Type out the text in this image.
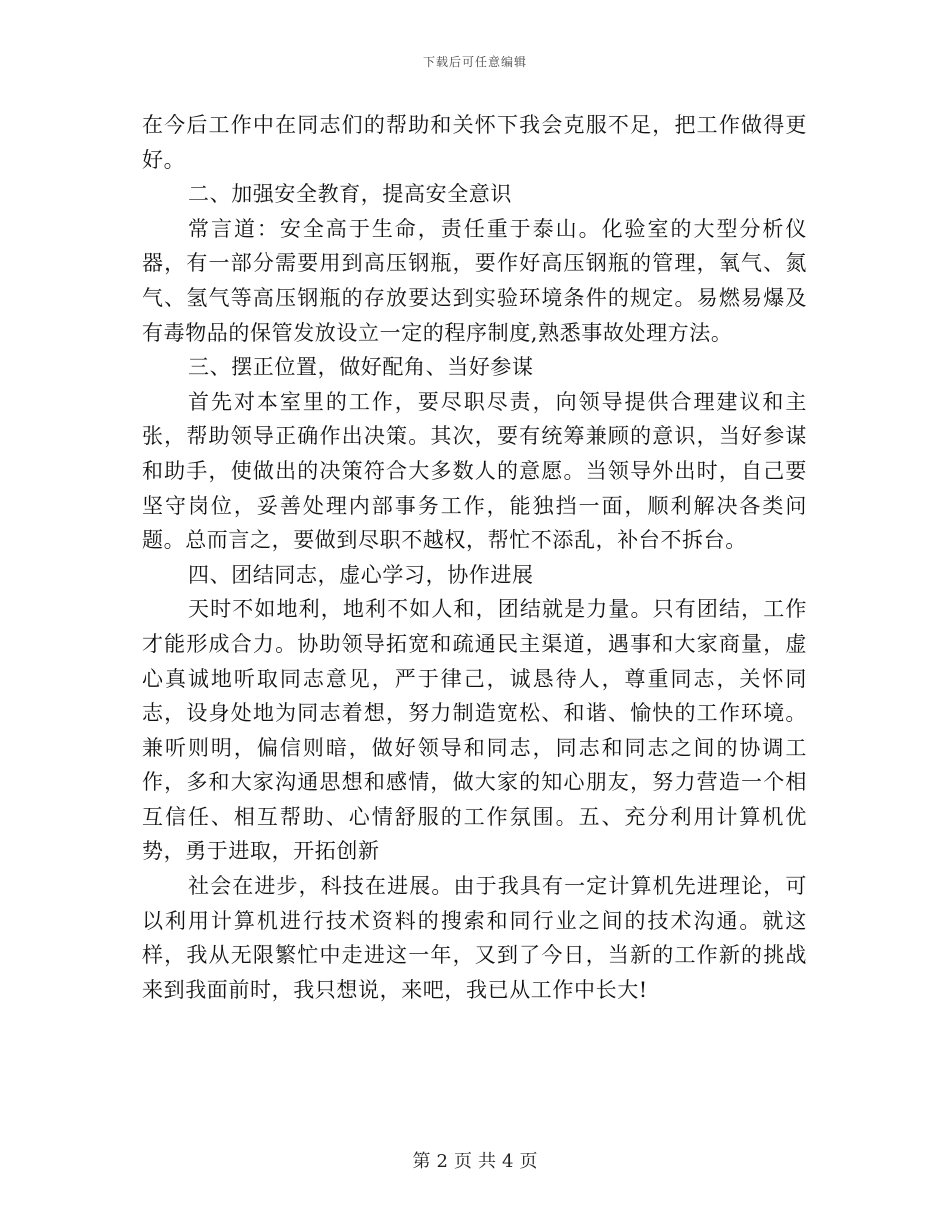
下载后可任意编辑

在今后工作中在同志们的帮助和关怀下我会克服不足，把工作做得更好。

二、加强安全教育，提高安全意识

常言道：安全高于生命，责任重于泰山。化验室的大型分析仪器，有一部分需要用到高压钢瓶，要作好高压钢瓶的管理，氧气、氮气、氢气等高压钢瓶的存放要达到实验环境条件的规定。易燃易爆及有毒物品的保管发放设立一定的程序制度,熟悉事故处理方法。

三、摆正位置，做好配角、当好参谋

首先对本室里的工作，要尽职尽责，向领导提供合理建议和主张，帮助领导正确作出决策。其次，要有统筹兼顾的意识，当好参谋和助手，使做出的决策符合大多数人的意愿。当领导外出时，自己要坚守岗位，妥善处理内部事务工作，能独挡一面，顺利解决各类问题。总而言之，要做到尽职不越权，帮忙不添乱，补台不拆台。

四、团结同志，虚心学习，协作进展

天时不如地利，地利不如人和，团结就是力量。只有团结，工作才能形成合力。协助领导拓宽和疏通民主渠道，遇事和大家商量，虚心真诚地听取同志意见，严于律己，诚恳待人，尊重同志，关怀同志，设身处地为同志着想，努力制造宽松、和谐、愉快的工作环境。兼听则明，偏信则暗，做好领导和同志，同志和同志之间的协调工作，多和大家沟通思想和感情，做大家的知心朋友，努力营造一个相互信任、相互帮助、心情舒服的工作氛围。五、充分利用计算机优势，勇于进取，开拓创新

社会在进步，科技在进展。由于我具有一定计算机先进理论，可以利用计算机进行技术资料的搜索和同行业之间的技术沟通。就这样，我从无限繁忙中走进这一年，又到了今日，当新的工作新的挑战来到我面前时，我只想说，来吧，我已从工作中长大!

第 2 页 共 4 页
